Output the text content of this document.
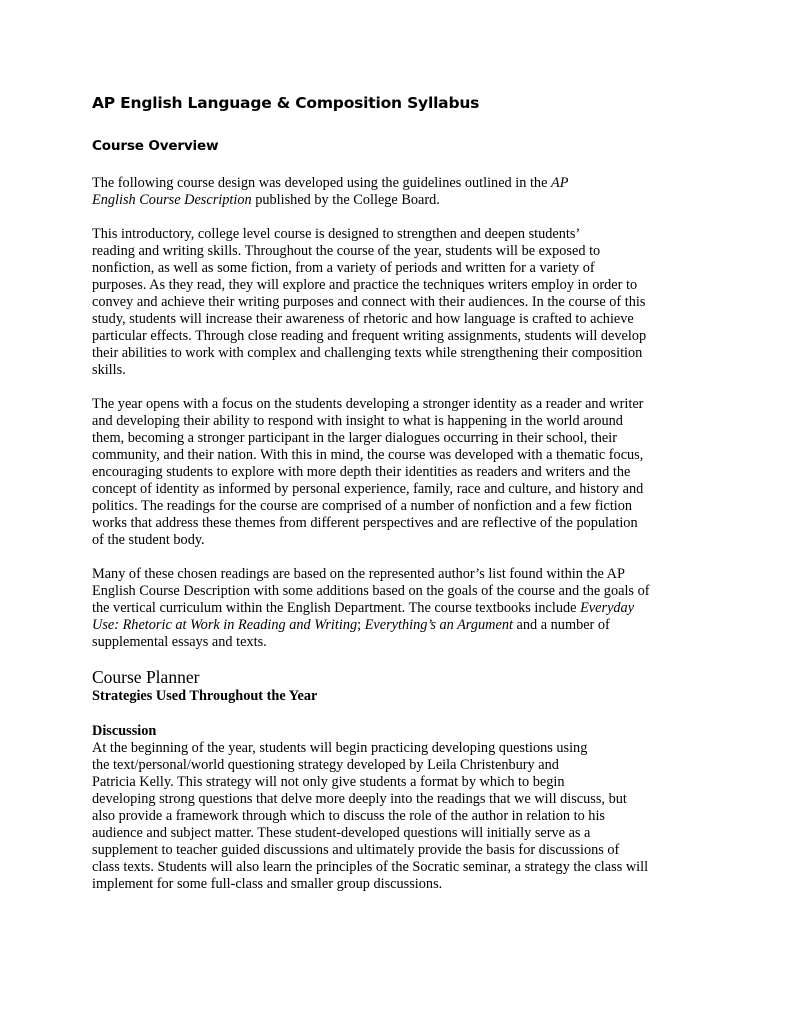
AP English Language & Composition Syllabus
Course Overview

The following course design was developed using the guidelines outlined in the AP
English Course Description published by the College Board.

This introductory, college level course is designed to strengthen and deepen students’
reading and writing skills. Throughout the course of the year, students will be exposed to
nonfiction, as well as some fiction, from a variety of periods and written for a variety of
purposes. As they read, they will explore and practice the techniques writers employ in order to
convey and achieve their writing purposes and connect with their audiences. In the course of this
study, students will increase their awareness of rhetoric and how language is crafted to achieve
particular effects. Through close reading and frequent writing assignments, students will develop
their abilities to work with complex and challenging texts while strengthening their composition
skills.

The year opens with a focus on the students developing a stronger identity as a reader and writer
and developing their ability to respond with insight to what is happening in the world around
them, becoming a stronger participant in the larger dialogues occurring in their school, their
community, and their nation. With this in mind, the course was developed with a thematic focus,
encouraging students to explore with more depth their identities as readers and writers and the
concept of identity as informed by personal experience, family, race and culture, and history and
politics. The readings for the course are comprised of a number of nonfiction and a few fiction
works that address these themes from different perspectives and are reflective of the population
of the student body.

Many of these chosen readings are based on the represented author’s list found within the AP
English Course Description with some additions based on the goals of the course and the goals of
the vertical curriculum within the English Department. The course textbooks include Everyday
Use: Rhetoric at Work in Reading and Writing; Everything’s an Argument and a number of
supplemental essays and texts.

Course Planner
Strategies Used Throughout the Year
Discussion

At the beginning of the year, students will begin practicing developing questions using
the text/personal/world questioning strategy developed by Leila Christenbury and
Patricia Kelly. This strategy will not only give students a format by which to begin
developing strong questions that delve more deeply into the readings that we will discuss, but
also provide a framework through which to discuss the role of the author in relation to his
audience and subject matter. These student-developed questions will initially serve as a
supplement to teacher guided discussions and ultimately provide the basis for discussions of
class texts. Students will also learn the principles of the Socratic seminar, a strategy the class will
implement for some full-class and smaller group discussions.
